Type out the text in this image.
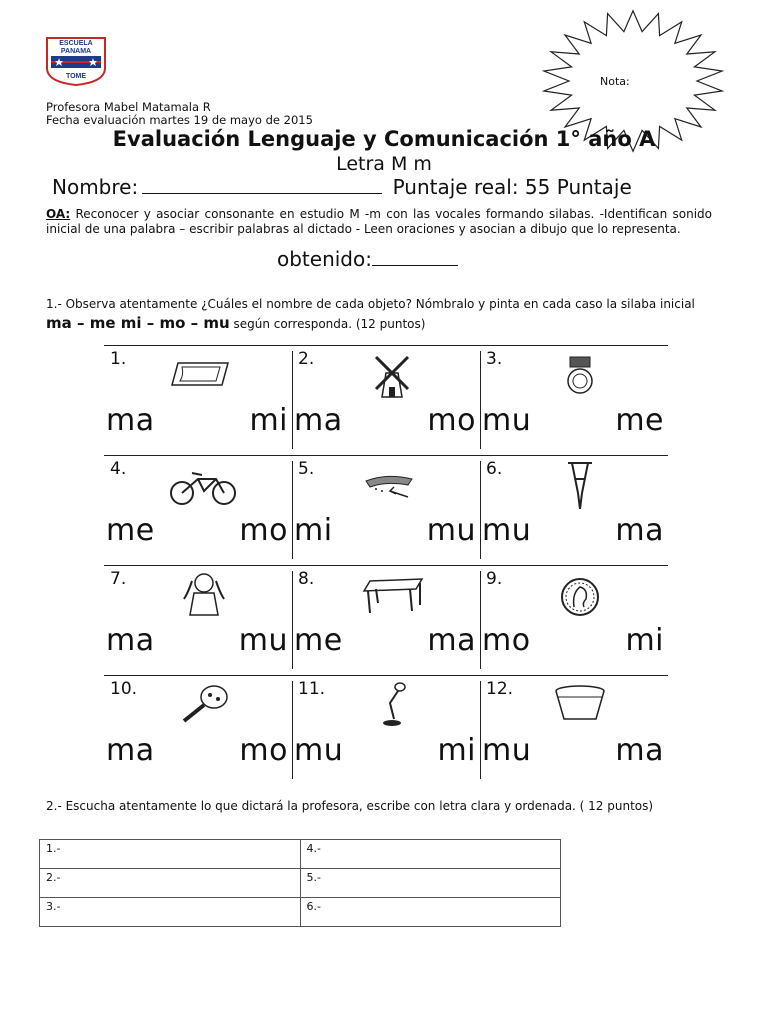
ESCUELA
PANAMA
TOME	Nota:
Profesora Mabel Matamala R
Fecha evaluación martes 19 de mayo de 2015
Evaluación Lenguaje y Comunicación 1° año A
Letra M m
Nombre:	Puntaje real: 55 Puntaje
OA: Reconocer y asociar consonante en estudio M -m con las vocales formando silabas. -Identifican sonido inicial de una palabra – escribir palabras al dictado - Leen oraciones y asocian a dibujo que lo representa.
obtenido:
1.- Observa atentamente ¿Cuáles el nombre de cada objeto? Nómbralo y pinta en cada caso la silaba inicial ma – me mi – mo – mu según corresponda. (12 puntos)
1.
ma	mi
2.
ma	mo
3.
mu	me
4.
me	mo
5.
mi	mu
6.
mu	ma
7.
ma	mu
8.
me	ma
9.
mo	mi
10.
ma	mo
11.
mu	mi
12.
mu	ma
2.- Escucha atentamente lo que dictará la profesora, escribe con letra clara y ordenada. ( 12 puntos)
1.-	4.-
2.-	5.-
3.-	6.-
